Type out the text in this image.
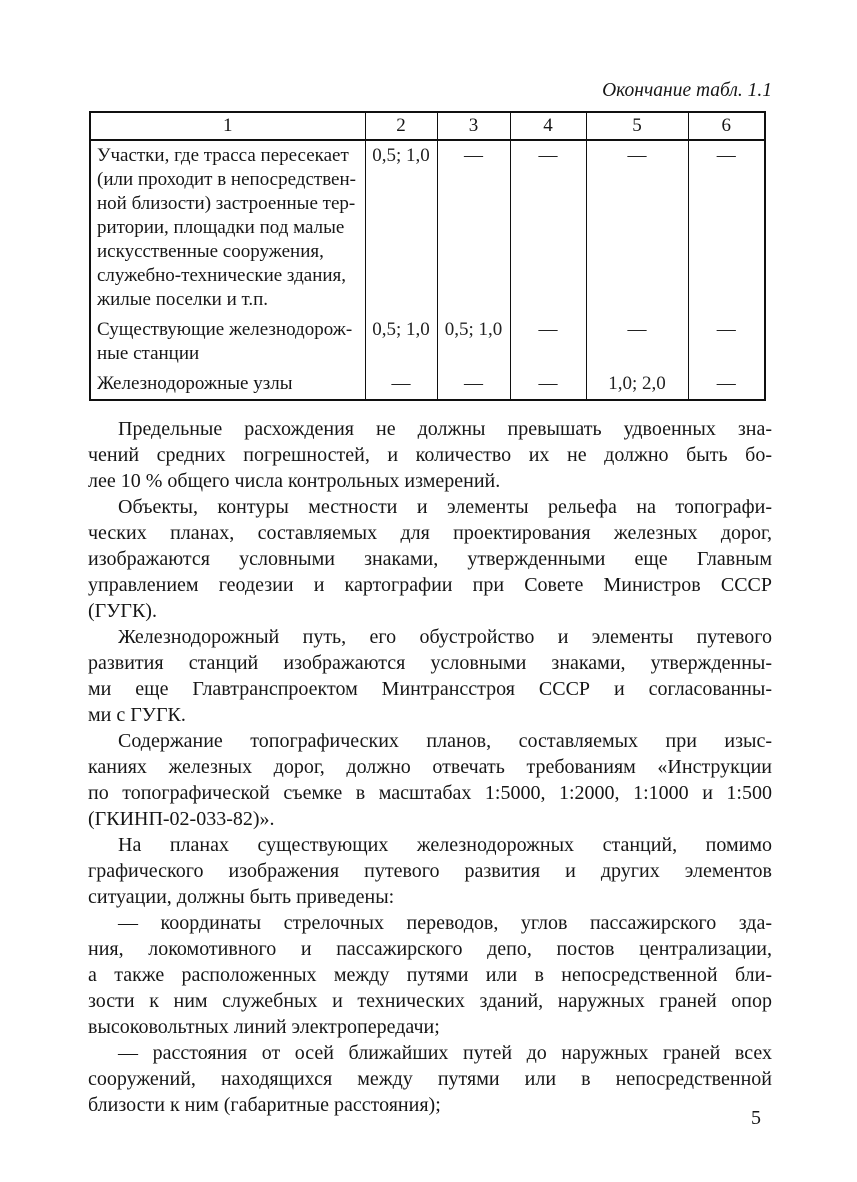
Окончание табл. 1.1
1	2	3	4	5	6

Участки, где трасса пересекает
(или проходит в непосредствен-
ной близости) застроенные тер-
ритории, площадки под малые
искусственные сооружения,
служебно-технические здания,
жилые поселки и т.п.
	0,5; 1,0	—	—	—	—

Существующие железнодорож-
ные станции	0,5; 1,0	0,5; 1,0	—	—	—

Железнодорожные узлы	—	—	—	1,0; 2,0	—
Предельные расхождения не должны превышать удвоенных зна-
чений средних погрешностей, и количество их не должно быть бо-
лее 10 % общего числа контрольных измерений.
Объекты, контуры местности и элементы рельефа на топографи-
ческих планах, составляемых для проектирования железных дорог,
изображаются условными знаками, утвержденными еще Главным
управлением геодезии и картографии при Совете Министров СССР
(ГУГК).
Железнодорожный путь, его обустройство и элементы путевого
развития станций изображаются условными знаками, утвержденны-
ми еще Главтранспроектом Минтрансстроя СССР и согласованны-
ми с ГУГК.
Содержание топографических планов, составляемых при изыс-
каниях железных дорог, должно отвечать требованиям «Инструкции
по топографической съемке в масштабах 1:5000, 1:2000, 1:1000 и 1:500
(ГКИНП-02-033-82)».
На планах существующих железнодорожных станций, помимо
графического изображения путевого развития и других элементов
ситуации, должны быть приведены:
— координаты стрелочных переводов, углов пассажирского зда-
ния, локомотивного и пассажирского депо, постов централизации,
а также расположенных между путями или в непосредственной бли-
зости к ним служебных и технических зданий, наружных граней опор
высоковольтных линий электропередачи;
— расстояния от осей ближайших путей до наружных граней всех
сооружений, находящихся между путями или в непосредственной
близости к ним (габаритные расстояния);
5
